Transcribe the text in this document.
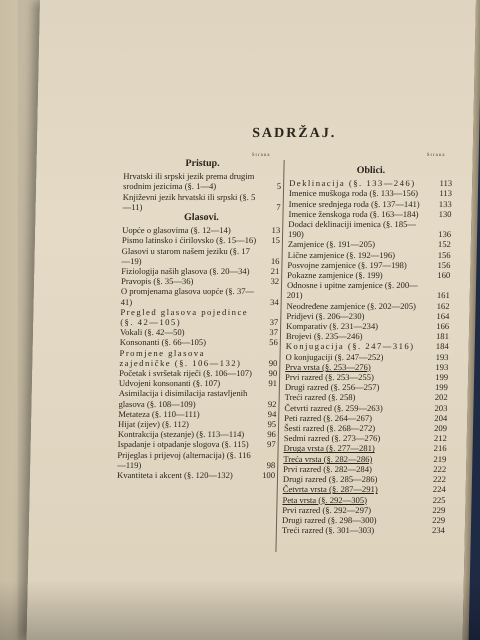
SADRŽAJ.
Strana	Strana
Pristup.
Hrvatski ili srpski jezik prema drugim srodnim jezicima (§. 1—4)	5
Književni jezik hrvatski ili srpski (§. 5—11)	7
Glasovi.
Uopće o glasovima (§. 12—14)	13
Pismo latinsko i ćirilovsko (§. 15—16)	15
Glasovi u starom našem jeziku (§. 17—19)	16
Fiziologija naših glasova (§. 20—34)	21
Pravopis (§. 35—36)	32
O promjenama glasova uopće (§. 37—41)	34
Pregled glasova pojedince (§. 42—105)	37
Vokali (§. 42—50)	37
Konsonanti (§. 66—105)	56
Promjene glasova zajedničke (§. 106—132)	90
Početak i svršetak riječi (§. 106—107)	90
Udvojeni konsonanti (§. 107)	91
Asimilacija i disimilacija rastavljenih glasova (§. 108—109)	92
Metateza (§. 110—111)	94
Hijat (zijev) (§. 112)	95
Kontrakcija (stezanje) (§. 113—114)	96
Ispadanje i otpadanje slogova (§. 115)	97
Prijeglas i prijevoj (alternacija) (§. 116—119)	98
Kvantiteta i akcent (§. 120—132)	100
Oblici.
Deklinacija (§. 133—246)	113
Imenice muškoga roda (§. 133—156)	113
Imenice srednjega roda (§. 137—141)	133
Imenice ženskoga roda (§. 163—184)	130
Dodaci deklinaciji imenica (§. 185—190)	136
Zamjenice (§. 191—205)	152
Lične zamjenice (§. 192—196)	156
Posvojne zamjenice (§. 197—198)	156
Pokazne zamjenice (§. 199)	160
Odnosne i upitne zamjenice (§. 200—201)	161
Neodređene zamjenice (§. 202—205)	162
Pridjevi (§. 206—230)	164
Komparativ (§. 231—234)	166
Brojevi (§. 235—246)	181
Konjugacija (§. 247—316)	184
O konjugaciji (§. 247—252)	193
Prva vrsta (§. 253—276)	193
Prvi razred (§. 253—255)	199
Drugi razred (§. 256—257)	199
Treći razred (§. 258)	202
Četvrti razred (§. 259—263)	203
Peti razred (§. 264—267)	204
Šesti razred (§. 268—272)	209
Sedmi razred (§. 273—276)	212
Druga vrsta (§. 277—281)	216
Treća vrsta (§. 282—286)	219
Prvi razred (§. 282—284)	222
Drugi razred (§. 285—286)	222
Četvrta vrsta (§. 287—291)	224
Peta vrsta (§. 292—305)	225
Prvi razred (§. 292—297)	229
Drugi razred (§. 298—300)	229
Treći razred (§. 301—303)	234
